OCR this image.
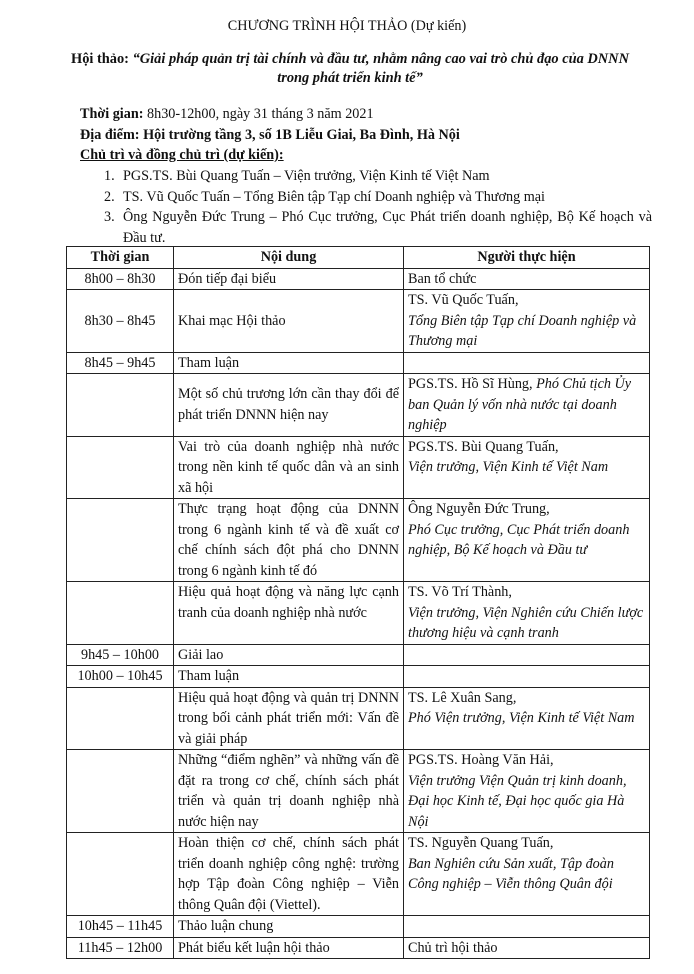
CHƯƠNG TRÌNH HỘI THẢO (Dự kiến)
Hội thảo: “Giải pháp quản trị tài chính và đầu tư, nhằm nâng cao vai trò chủ đạo của DNNN trong phát triển kinh tế”
Thời gian: 8h30-12h00, ngày 31 tháng 3 năm 2021
Địa điểm: Hội trường tầng 3, số 1B Liễu Giai, Ba Đình, Hà Nội
Chủ trì và đồng chủ trì (dự kiến):
1. PGS.TS. Bùi Quang Tuấn – Viện trưởng, Viện Kinh tế Việt Nam
2. TS. Vũ Quốc Tuấn – Tổng Biên tập Tạp chí Doanh nghiệp và Thương mại
3. Ông Nguyễn Đức Trung – Phó Cục trưởng, Cục Phát triển doanh nghiệp, Bộ Kế hoạch và Đầu tư.
Thời gian	Nội dung	Người thực hiện
8h00 – 8h30	Đón tiếp đại biểu	Ban tổ chức
8h30 – 8h45	Khai mạc Hội thảo	TS. Vũ Quốc Tuấn,
Tổng Biên tập Tạp chí Doanh nghiệp và Thương mại
8h45 – 9h45	Tham luận	
	Một số chủ trương lớn cần thay đổi để phát triển DNNN hiện nay	PGS.TS. Hồ Sĩ Hùng, Phó Chủ tịch Ủy ban Quản lý vốn nhà nước tại doanh nghiệp
	Vai trò của doanh nghiệp nhà nước trong nền kinh tế quốc dân và an sinh xã hội	PGS.TS. Bùi Quang Tuấn,
Viện trưởng, Viện Kinh tế Việt Nam
	Thực trạng hoạt động của DNNN trong 6 ngành kinh tế và đề xuất cơ chế chính sách đột phá cho DNNN trong 6 ngành kinh tế đó	Ông Nguyễn Đức Trung,
Phó Cục trưởng, Cục Phát triển doanh nghiệp, Bộ Kế hoạch và Đầu tư
	Hiệu quả hoạt động và năng lực cạnh tranh của doanh nghiệp nhà nước	TS. Võ Trí Thành,
Viện trưởng, Viện Nghiên cứu Chiến lược thương hiệu và cạnh tranh
9h45 – 10h00	Giải lao	
10h00 – 10h45	Tham luận	
	Hiệu quả hoạt động và quản trị DNNN trong bối cảnh phát triển mới: Vấn đề và giải pháp	TS. Lê Xuân Sang,
Phó Viện trưởng, Viện Kinh tế Việt Nam
	Những “điểm nghẽn” và những vấn đề đặt ra trong cơ chế, chính sách phát triển và quản trị doanh nghiệp nhà nước hiện nay	PGS.TS. Hoàng Văn Hải,
Viện trưởng Viện Quản trị kinh doanh, Đại học Kinh tế, Đại học quốc gia Hà Nội
	Hoàn thiện cơ chế, chính sách phát triển doanh nghiệp công nghệ: trường hợp Tập đoàn Công nghiệp – Viễn thông Quân đội (Viettel).	TS. Nguyễn Quang Tuấn,
Ban Nghiên cứu Sản xuất, Tập đoàn Công nghiệp – Viễn thông Quân đội
10h45 – 11h45	Thảo luận chung	
11h45 – 12h00	Phát biểu kết luận hội thảo	Chủ trì hội thảo
